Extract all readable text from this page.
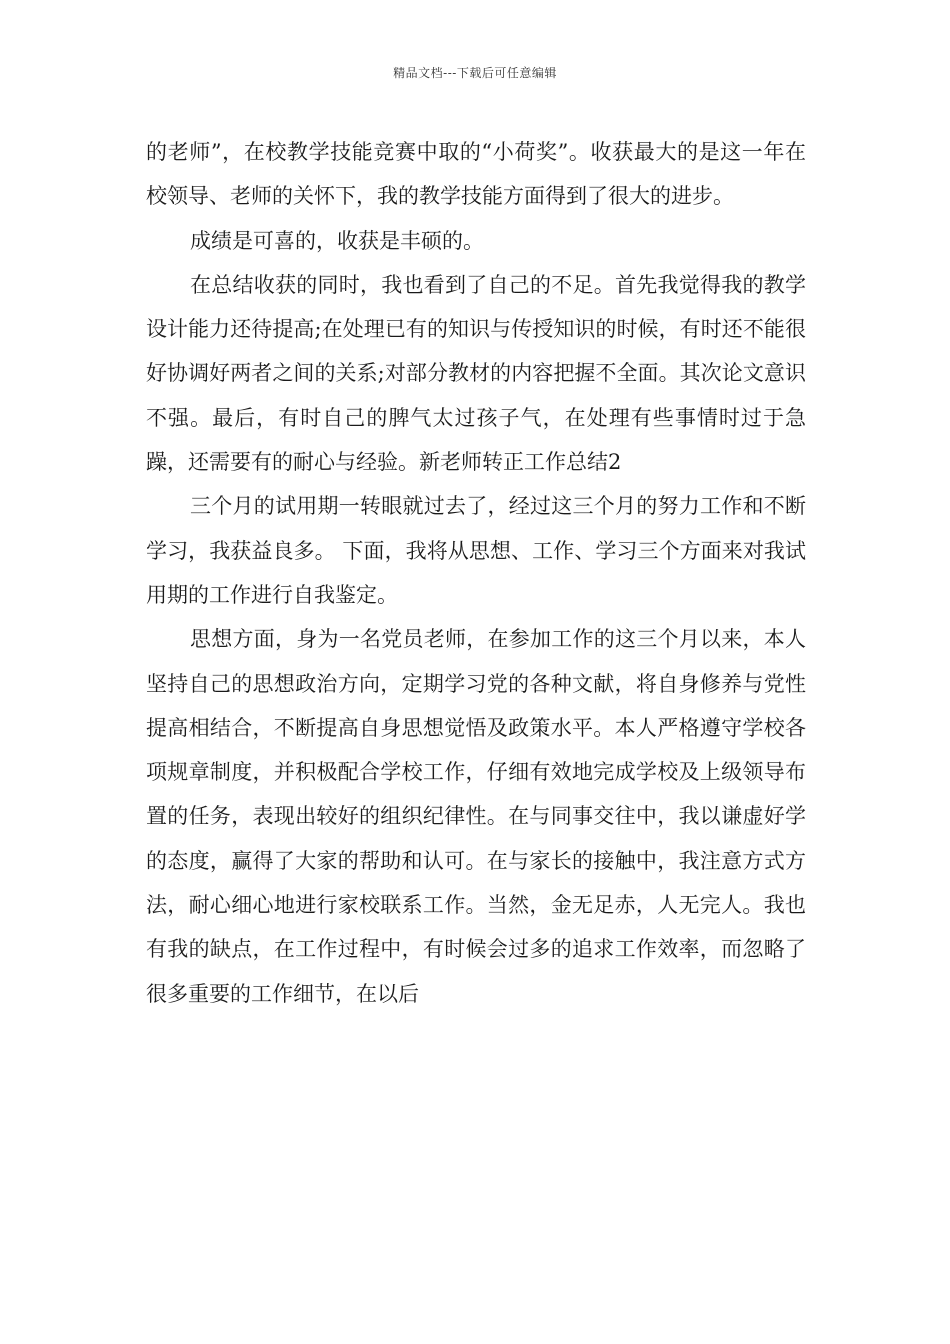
精品文档---下载后可任意编辑

的老师”，在校教学技能竞赛中取的“小荷奖”。收获最大的是这一年在校领导、老师的关怀下，我的教学技能方面得到了很大的进步。

成绩是可喜的，收获是丰硕的。

在总结收获的同时，我也看到了自己的不足。首先我觉得我的教学设计能力还待提高;在处理已有的知识与传授知识的时候，有时还不能很好协调好两者之间的关系;对部分教材的内容把握不全面。其次论文意识不强。最后，有时自己的脾气太过孩子气，在处理有些事情时过于急躁，还需要有的耐心与经验。新老师转正工作总结2

三个月的试用期一转眼就过去了，经过这三个月的努力工作和不断学习，我获益良多。 下面，我将从思想、工作、学习三个方面来对我试用期的工作进行自我鉴定。

思想方面，身为一名党员老师，在参加工作的这三个月以来，本人坚持自己的思想政治方向，定期学习党的各种文献，将自身修养与党性提高相结合，不断提高自身思想觉悟及政策水平。本人严格遵守学校各项规章制度，并积极配合学校工作，仔细有效地完成学校及上级领导布置的任务，表现出较好的组织纪律性。在与同事交往中，我以谦虚好学的态度，赢得了大家的帮助和认可。在与家长的接触中，我注意方式方法，耐心细心地进行家校联系工作。当然，金无足赤，人无完人。我也有我的缺点，在工作过程中，有时候会过多的追求工作效率，而忽略了很多重要的工作细节，在以后
